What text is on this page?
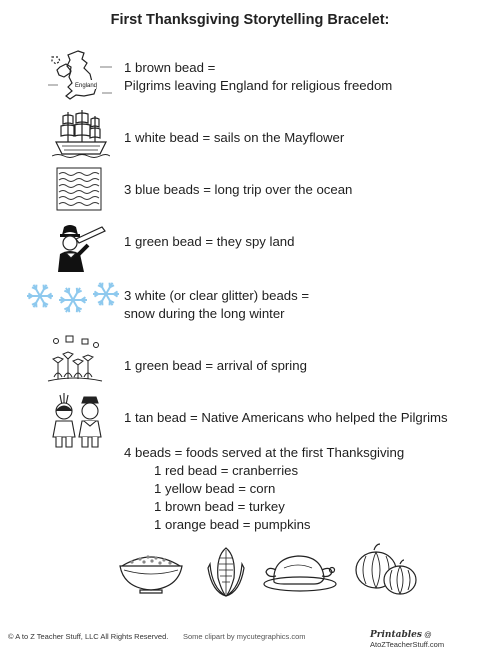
First Thanksgiving Storytelling Bracelet:
England
1 brown bead =
Pilgrims leaving England for religious freedom
1 white bead = sails on the Mayflower
3 blue beads = long trip over the ocean
1 green bead = they spy land
3 white (or clear glitter) beads =
snow during the long winter
1 green bead = arrival of spring
1 tan bead = Native Americans who helped the Pilgrims
4 beads = foods served at the first Thanksgiving
1 red bead = cranberries
1 yellow bead = corn
1 brown bead = turkey
1 orange bead = pumpkins
© A to Z Teacher Stuff, LLC All Rights Reserved. Some clipart by mycutegraphics.com	Printables @ AtoZTeacherStuff.com
